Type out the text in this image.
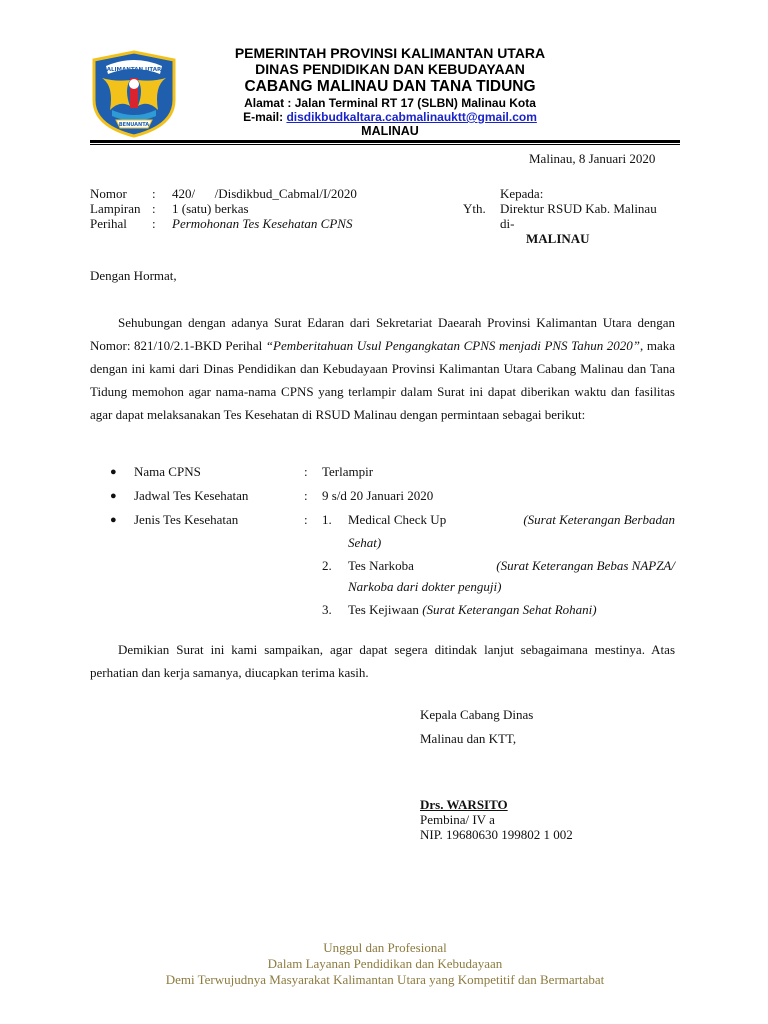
KALIMANTAN UTARA
BENUANTA
PEMERINTAH PROVINSI KALIMANTAN UTARA
DINAS PENDIDIKAN DAN KEBUDAYAAN
CABANG MALINAU DAN TANA TIDUNG
Alamat : Jalan Terminal RT 17 (SLBN) Malinau Kota
E-mail: disdikbudkaltara.cabmalinauktt@gmail.com
MALINAU
Malinau, 8 Januari 2020
Nomor : 420/      /Disdikbud_Cabmal/I/2020
Lampiran : 1 (satu) berkas
Perihal : Permohonan Tes Kesehatan CPNS
Kepada:
Yth. Direktur RSUD Kab. Malinau
di-
MALINAU
Dengan Hormat,
Sehubungan dengan adanya Surat Edaran dari Sekretariat Daearah Provinsi Kalimantan Utara dengan Nomor: 821/10/2.1-BKD Perihal “Pemberitahuan Usul Pengangkatan CPNS menjadi PNS Tahun 2020”, maka dengan ini kami dari Dinas Pendidikan dan Kebudayaan Provinsi Kalimantan Utara Cabang Malinau dan Tana Tidung memohon agar nama-nama CPNS yang terlampir dalam Surat ini dapat diberikan waktu dan fasilitas agar dapat melaksanakan Tes Kesehatan di RSUD Malinau dengan permintaan sebagai berikut:
● Nama CPNS	: Terlampir
● Jadwal Tes Kesehatan	: 9 s/d 20 Januari 2020
● Jenis Tes Kesehatan	: 1. Medical Check Up	(Surat Keterangan Berbadan
Sehat)
2. Tes Narkoba	(Surat Keterangan Bebas NAPZA/
Narkoba dari dokter penguji)
3. Tes Kejiwaan (Surat Keterangan Sehat Rohani)
Demikian Surat ini kami sampaikan, agar dapat segera ditindak lanjut sebagaimana mestinya. Atas perhatian dan kerja samanya, diucapkan terima kasih.
Kepala Cabang Dinas
Malinau dan KTT,
Drs. WARSITO
Pembina/ IV a
NIP. 19680630 199802 1 002
Unggul dan Profesional
Dalam Layanan Pendidikan dan Kebudayaan
Demi Terwujudnya Masyarakat Kalimantan Utara yang Kompetitif dan Bermartabat
